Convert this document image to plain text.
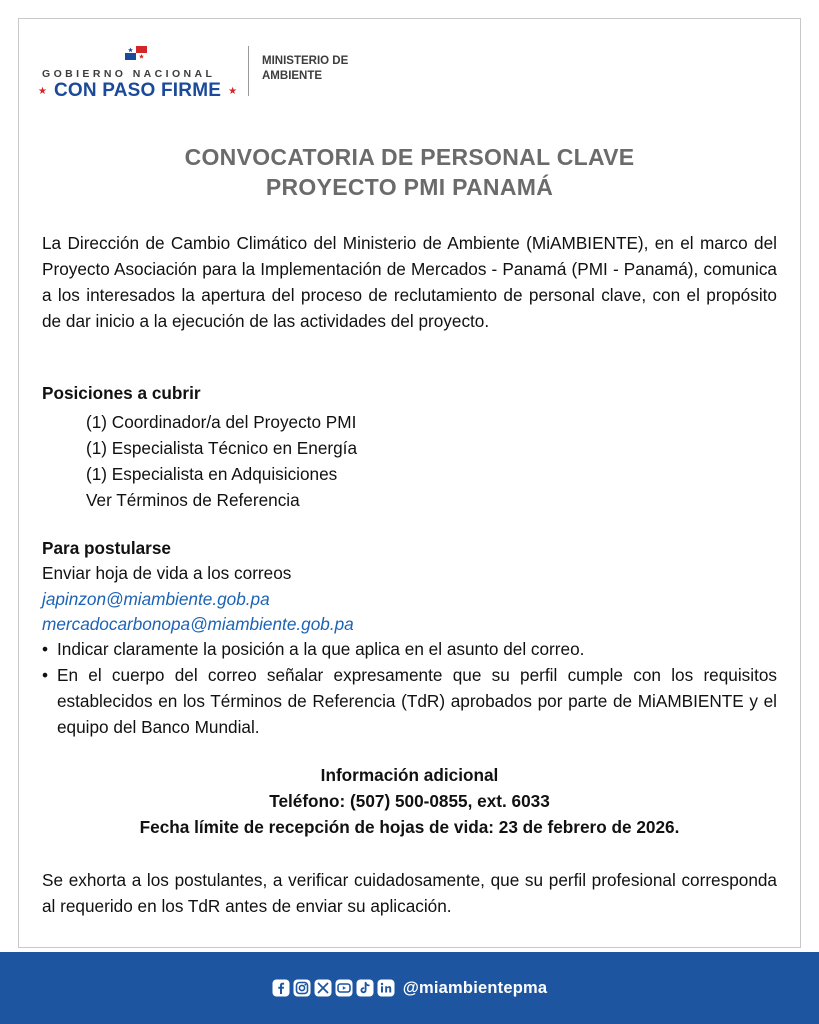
GOBIERNO NACIONAL
★ CON PASO FIRME ★
MINISTERIO DE
AMBIENTE
CONVOCATORIA DE PERSONAL CLAVE
PROYECTO PMI PANAMÁ

La Dirección de Cambio Climático del Ministerio de Ambiente (MiAMBIENTE), en el marco del Proyecto Asociación para la Implementación de Mercados - Panamá (PMI - Panamá), comunica a los interesados la apertura del proceso de reclutamiento de personal clave, con el propósito de dar inicio a la ejecución de las actividades del proyecto.

Posiciones a cubrir
(1) Coordinador/a del Proyecto PMI
(1) Especialista Técnico en Energía
(1) Especialista en Adquisiciones
Ver Términos de Referencia
Para postularse
Enviar hoja de vida a los correos
japinzon@miambiente.gob.pa
mercadocarbonopa@miambiente.gob.pa
• Indicar claramente la posición a la que aplica en el asunto del correo.
• En el cuerpo del correo señalar expresamente que su perfil cumple con los requisitos establecidos en los Términos de Referencia (TdR) aprobados por parte de MiAMBIENTE y el equipo del Banco Mundial.
Información adicional
Teléfono: (507) 500-0855, ext. 6033
Fecha límite de recepción de hojas de vida: 23 de febrero de 2026.

Se exhorta a los postulantes, a verificar cuidadosamente, que su perfil profesional corresponda al requerido en los TdR antes de enviar su aplicación.

@miambientepma
